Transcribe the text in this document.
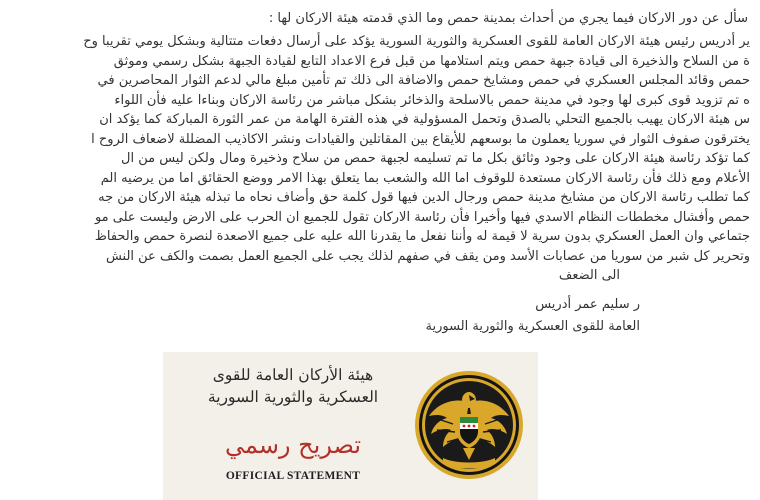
سأل عن دور الاركان فيما يجري من أحداث بمدينة حمص وما الذي قدمته هيئة الاركان لها :
ير أدريس رئيس هيئة الاركان العامة للقوى العسكرية والثورية السورية يؤكد على أرسال دفعات متتالية وبشكل يومي تقريبا وح
ة من السلاح والذخيرة الى قيادة جبهة حمص ويتم استلامها من قبل فرع الاعداد التابع لقيادة الجبهة بشكل رسمي وموثق
حمص وقائد المجلس العسكري في حمص ومشايخ حمص والاضافة الى ذلك تم تأمين مبلغ مالي لدعم الثوار المحاصرين في
ه تم تزويد قوى كبرى لها وجود في مدينة حمص بالاسلحة والذخائر بشكل مباشر من رئاسة الاركان وبناءا عليه فأن اللواء
س هيئة الاركان يهيب بالجميع التحلي بالصدق وتحمل المسؤولية في هذه الفترة الهامة من عمر الثورة المباركة كما يؤكد ان
يخترقون صفوف الثوار في سوريا يعملون ما بوسعهم للأيقاع بين المقاتلين والقيادات ونشر الاكاذيب المضللة لاضعاف الروح ا
كما تؤكد رئاسة هيئة الاركان على وجود وثائق بكل ما تم تسليمه لجبهة حمص من سلاح وذخيرة ومال ولكن ليس من ال
الأعلام ومع ذلك فأن رئاسة الاركان مستعدة للوقوف اما الله والشعب بما يتعلق بهذا الامر ووضع الحقائق اما من يرضيه الم
كما تطلب رئاسة الاركان من مشايخ مدينة حمص ورجال الدين فيها قول كلمة حق وأضاف نحاه ما تبذله هيئة الاركان من جه
حمص وأفشال مخططات النظام الاسدي فيها وأخيرا فأن رئاسة الاركان تقول للجميع ان الحرب على الارض وليست على مو
جتماعي وان العمل العسكري بدون سرية لا قيمة له وأننا نفعل ما يقدرنا الله عليه على جميع الاصعدة لنصرة حمص والحفاظ
وتحرير كل شبر من سوريا من عصابات الأسد ومن يقف في صفهم لذلك يجب على الجميع العمل بصمت والكف عن النش
الى الضعف
ر سليم عمر أدريس
العامة للقوى العسكرية والثورية السورية
هيئة الأركان العامة للقوى
العسكرية والثورية السورية
تصريح رسمي
OFFICIAL STATEMENT
